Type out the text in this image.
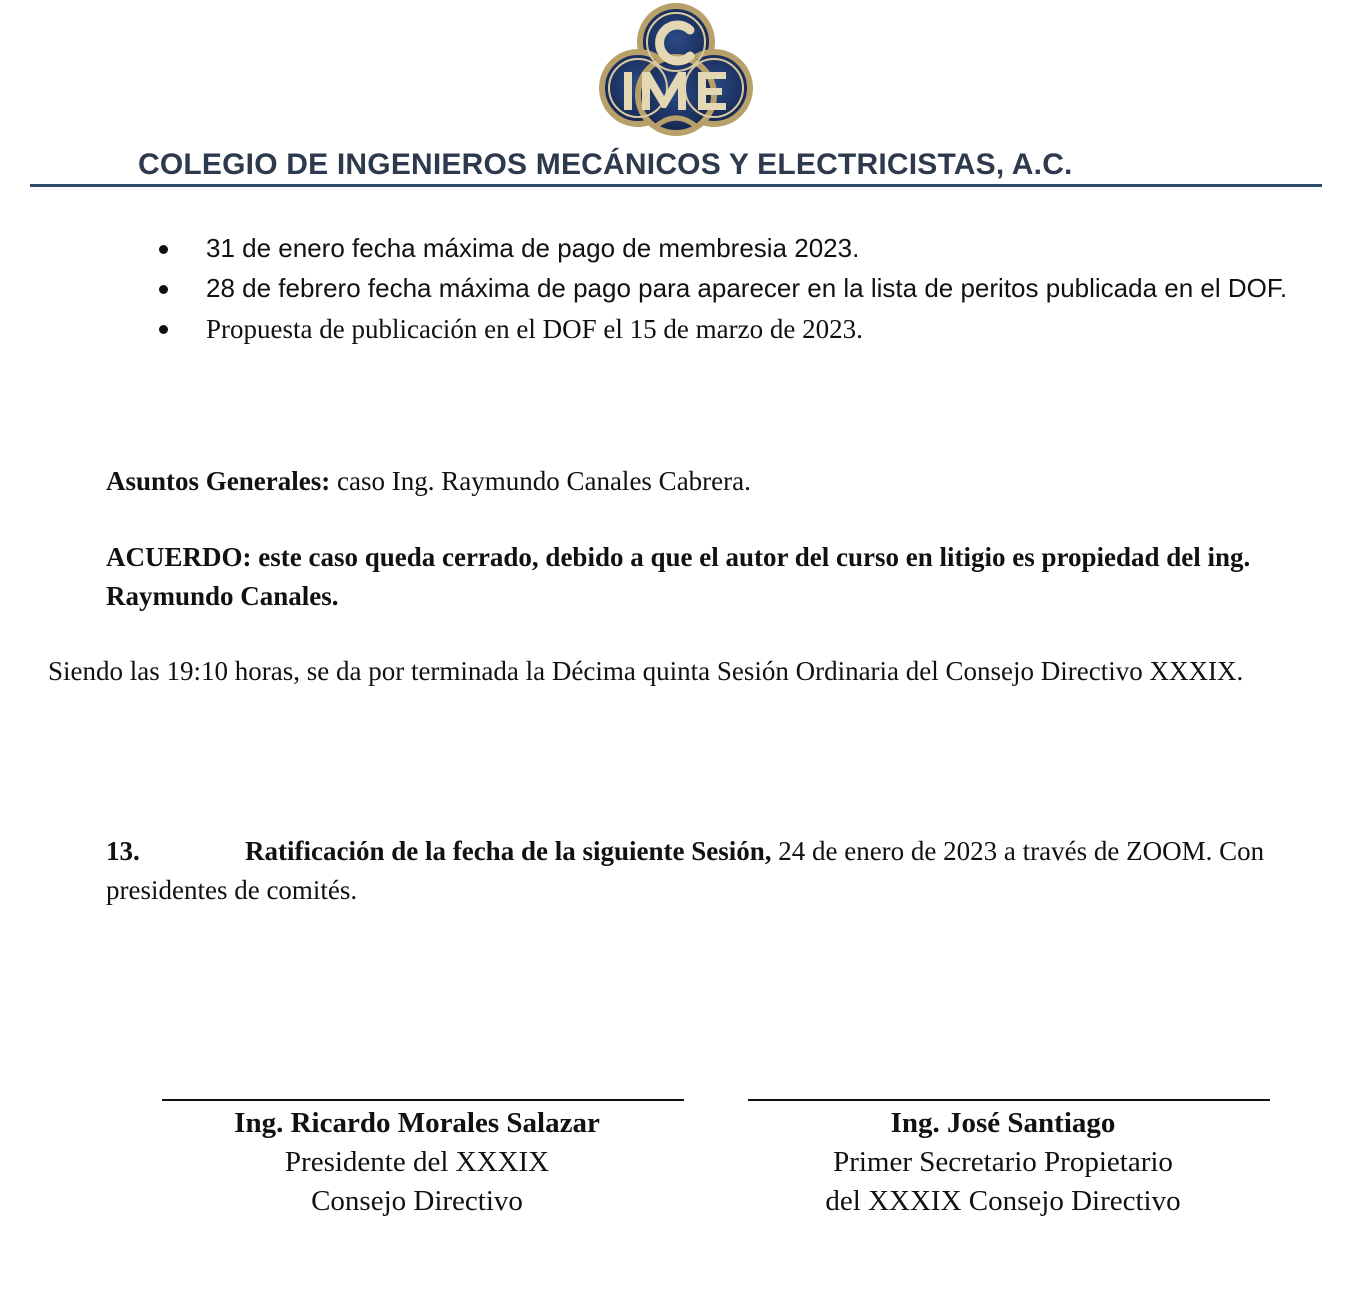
COLEGIO DE INGENIEROS MECÁNICOS Y ELECTRICISTAS, A.C.
31 de enero fecha máxima de pago de membresia 2023.
28 de febrero fecha máxima de pago para aparecer en la lista de peritos publicada en el DOF.
Propuesta de publicación en el DOF el 15 de marzo de 2023.
Asuntos Generales: caso Ing. Raymundo Canales Cabrera.
ACUERDO: este caso queda cerrado, debido a que el autor del curso en litigio es propiedad del ing. Raymundo Canales.
Siendo las 19:10 horas, se da por terminada la Décima quinta Sesión Ordinaria del Consejo Directivo XXXIX.
13.	Ratificación de la fecha de la siguiente Sesión, 24 de enero de 2023 a través de ZOOM. Con presidentes de comités.
Ing. Ricardo Morales Salazar
Presidente del XXXIX
Consejo Directivo
Ing. José Santiago
Primer Secretario Propietario
del XXXIX Consejo Directivo
